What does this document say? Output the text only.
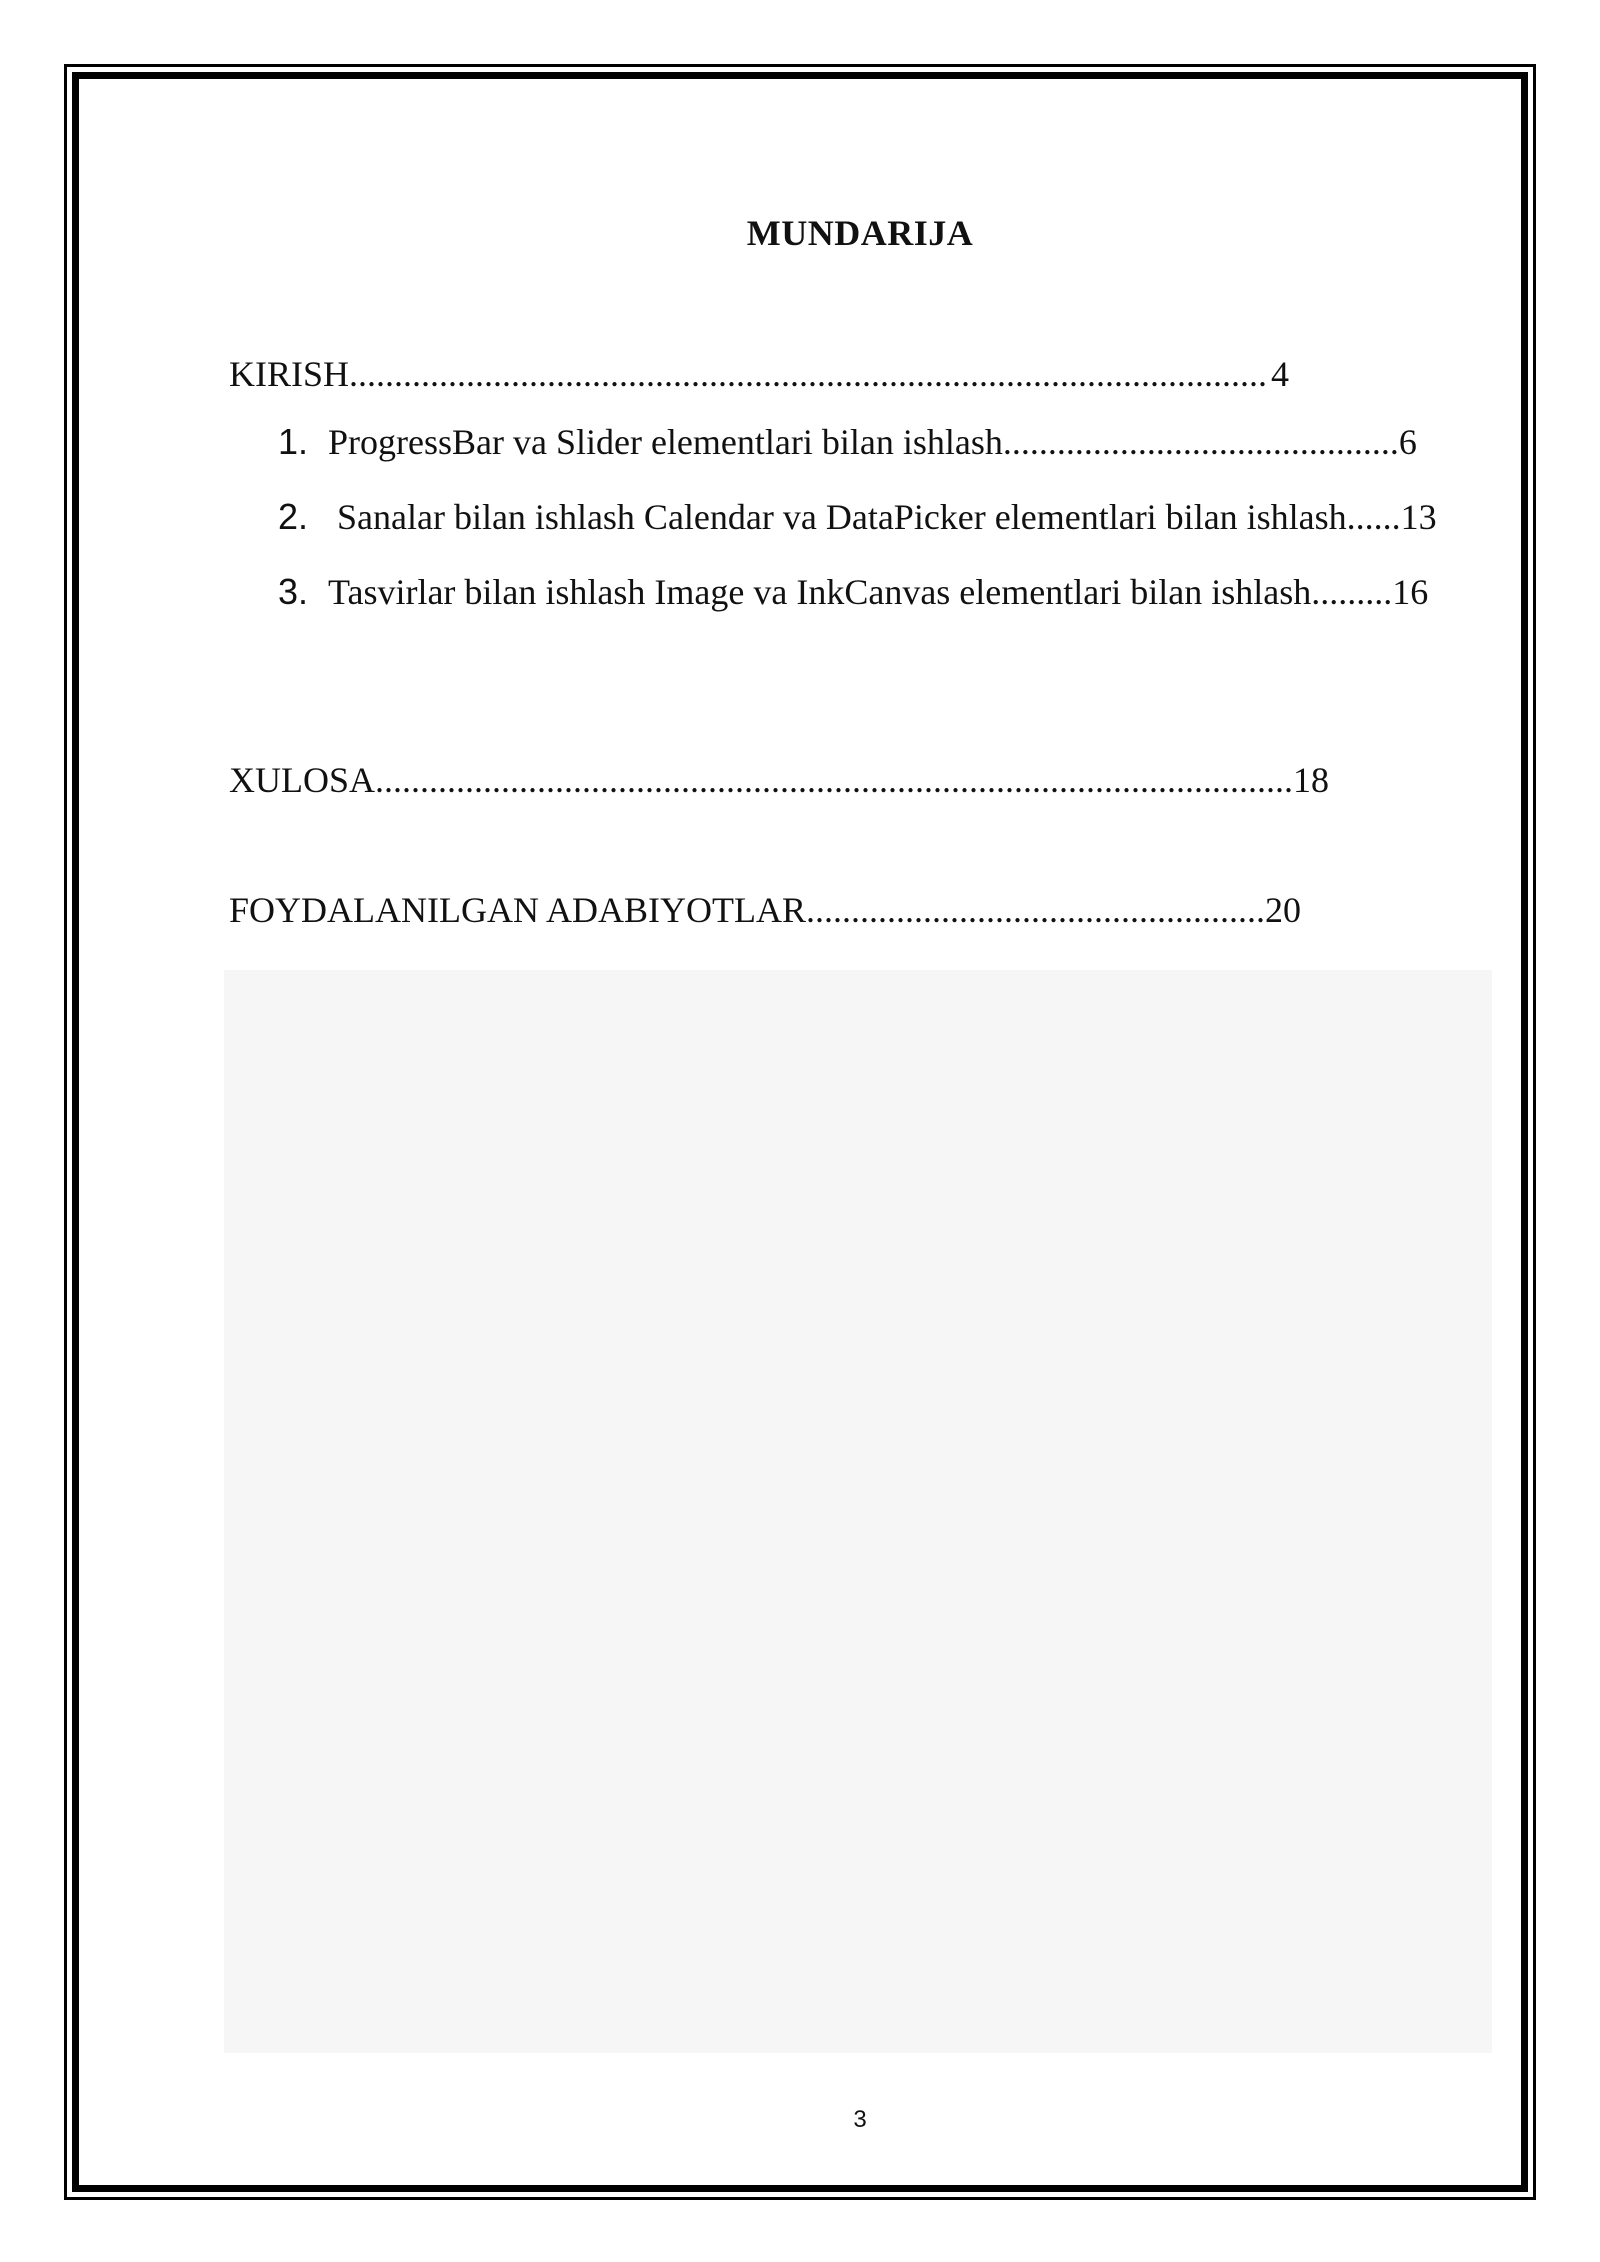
MUNDARIJA
KIRISH...................................................................................................... 4
1. ProgressBar va Slider elementlari bilan ishlash............................................6
2. Sanalar bilan ishlash Calendar va DataPicker elementlari bilan ishlash......13
3. Tasvirlar bilan ishlash Image va InkCanvas elementlari bilan ishlash.........16
XULOSA......................................................................................................18
FOYDALANILGAN ADABIYOTLAR...................................................20
3
